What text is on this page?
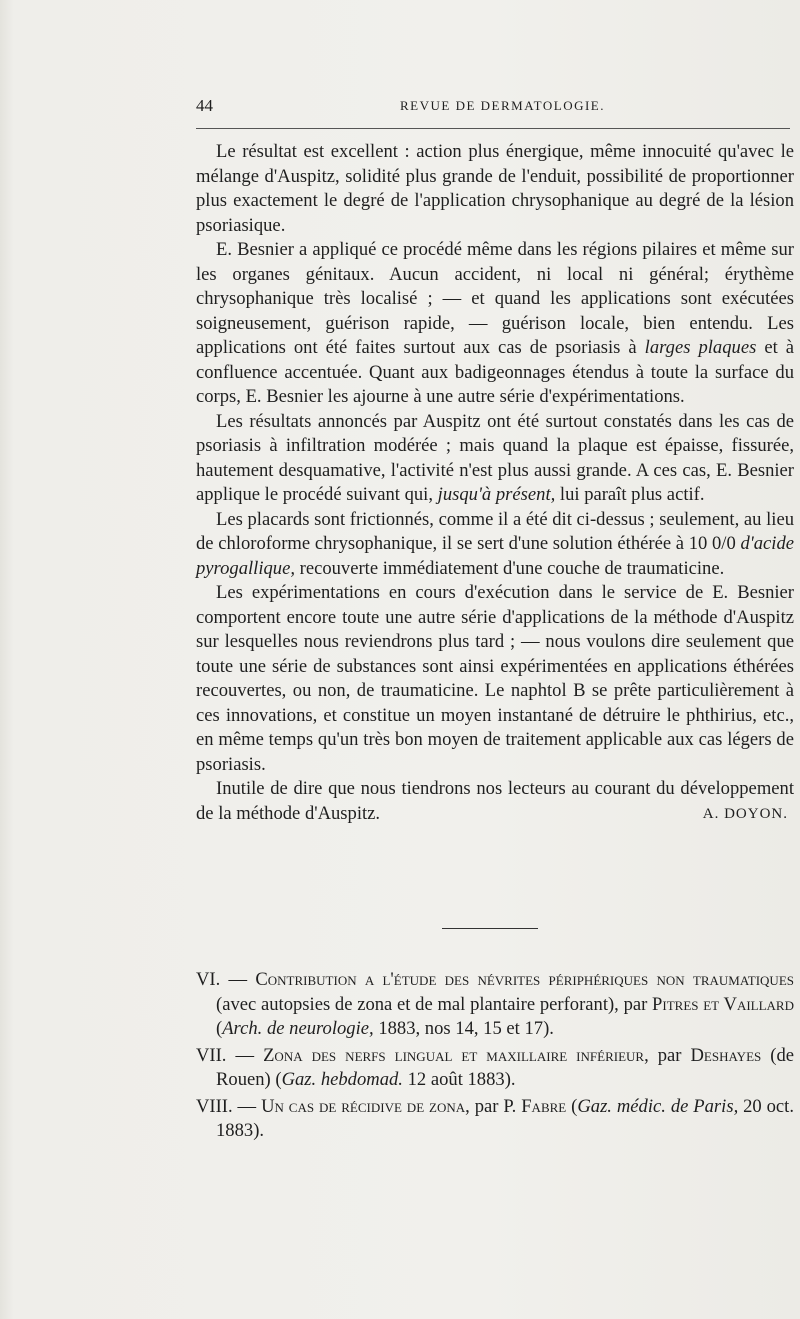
44	REVUE DE DERMATOLOGIE.

Le résultat est excellent : action plus énergique, même innocuité qu'avec le mélange d'Auspitz, solidité plus grande de l'enduit, possibilité de proportionner plus exactement le degré de l'application chrysophanique au degré de la lésion psoriasique.

E. Besnier a appliqué ce procédé même dans les régions pilaires et même sur les organes génitaux. Aucun accident, ni local ni général; érythème chrysophanique très localisé ; — et quand les applications sont exécutées soigneusement, guérison rapide, — guérison locale, bien entendu. Les applications ont été faites surtout aux cas de psoriasis à larges plaques et à confluence accentuée. Quant aux badigeonnages étendus à toute la surface du corps, E. Besnier les ajourne à une autre série d'expérimentations.

Les résultats annoncés par Auspitz ont été surtout constatés dans les cas de psoriasis à infiltration modérée ; mais quand la plaque est épaisse, fissurée, hautement desquamative, l'activité n'est plus aussi grande. A ces cas, E. Besnier applique le procédé suivant qui, jusqu'à présent, lui paraît plus actif.

Les placards sont frictionnés, comme il a été dit ci-dessus ; seulement, au lieu de chloroforme chrysophanique, il se sert d'une solution éthérée à 10 0/0 d'acide pyrogallique, recouverte immédiatement d'une couche de traumaticine.

Les expérimentations en cours d'exécution dans le service de E. Besnier comportent encore toute une autre série d'applications de la méthode d'Auspitz sur lesquelles nous reviendrons plus tard ; — nous voulons dire seulement que toute une série de substances sont ainsi expérimentées en applications éthérées recouvertes, ou non, de traumaticine. Le naphtol B se prête particulièrement à ces innovations, et constitue un moyen instantané de détruire le phthirius, etc., en même temps qu'un très bon moyen de traitement applicable aux cas légers de psoriasis.

Inutile de dire que nous tiendrons nos lecteurs au courant du développement de la méthode d'Auspitz.	A. DOYON.

VI. — Contribution a l'étude des névrites périphériques non traumatiques (avec autopsies de zona et de mal plantaire perforant), par Pitres et Vaillard (Arch. de neurologie, 1883, nos 14, 15 et 17).

VII. — Zona des nerfs lingual et maxillaire inférieur, par Deshayes (de Rouen) (Gaz. hebdomad. 12 août 1883).

VIII. — Un cas de récidive de zona, par P. Fabre (Gaz. médic. de Paris, 20 oct. 1883).
